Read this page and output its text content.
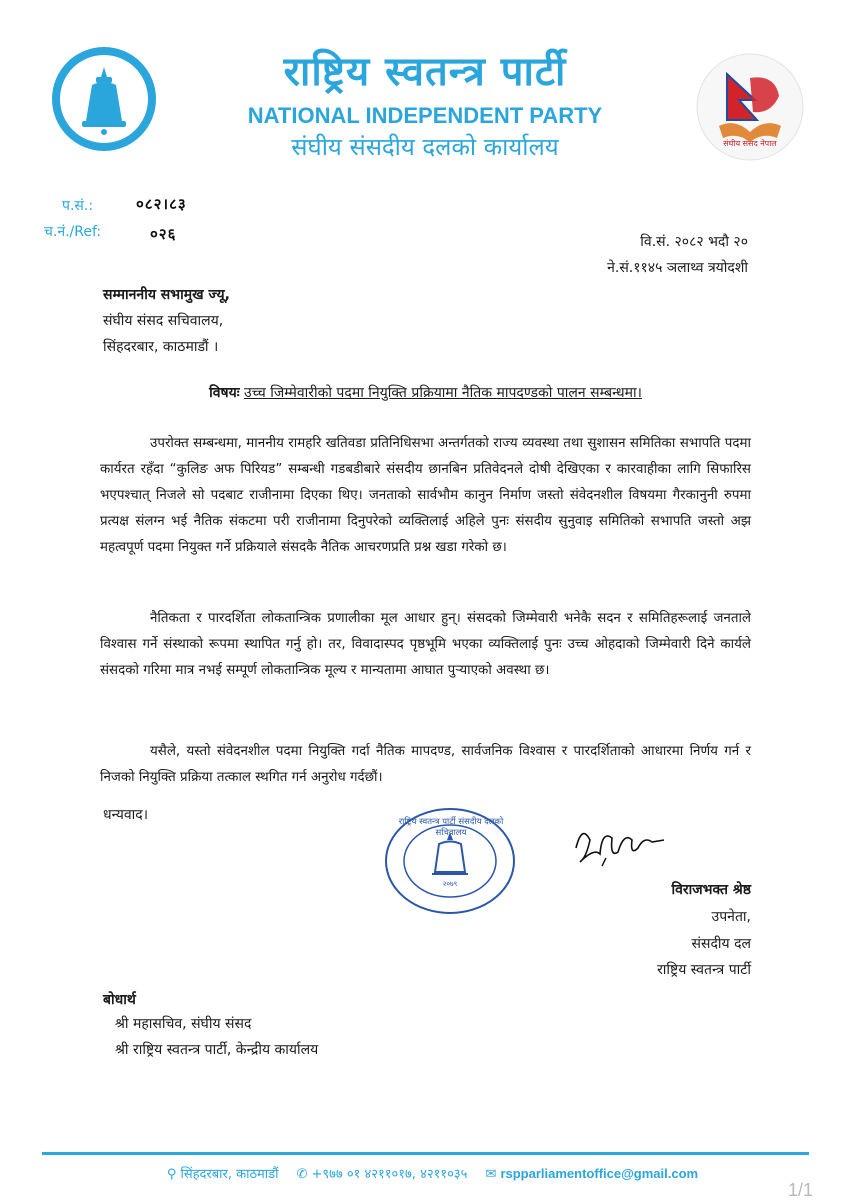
राष्ट्रिय स्वतन्त्र पार्टी
NATIONAL INDEPENDENT PARTY
संघीय संसदीय दलको कार्यालय	संघीय संसद नेपाल
प.सं.:	०८२।८३
च.नं./Ref:	०२६	वि.सं. २०८२ भदौ २०
ने.सं.११४५ ञलाथ्व त्रयोदशी
सम्माननीय सभामुख ज्यू,
संघीय संसद सचिवालय,
सिंहदरबार, काठमाडौं ।
विषयः उच्च जिम्मेवारीको पदमा नियुक्ति प्रक्रियामा नैतिक मापदण्डको पालन सम्बन्धमा।

उपरोक्त सम्बन्धमा, माननीय रामहरि खतिवडा प्रतिनिधिसभा अन्तर्गतको राज्य व्यवस्था तथा सुशासन समितिका सभापति पदमा कार्यरत रहँदा “कुलिङ अफ पिरियड” सम्बन्धी गडबडीबारे संसदीय छानबिन प्रतिवेदनले दोषी देखिएका र कारवाहीका लागि सिफारिस भएपश्चात् निजले सो पदबाट राजीनामा दिएका थिए। जनताको सार्वभौम कानुन निर्माण जस्तो संवेदनशील विषयमा गैरकानुनी रुपमा प्रत्यक्ष संलग्न भई नैतिक संकटमा परी राजीनामा दिनुपरेको व्यक्तिलाई अहिले पुनः संसदीय सुनुवाइ समितिको सभापति जस्तो अझ महत्वपूर्ण पदमा नियुक्त गर्ने प्रक्रियाले संसदकै नैतिक आचरणप्रति प्रश्न खडा गरेको छ।

नैतिकता र पारदर्शिता लोकतान्त्रिक प्रणालीका मूल आधार हुन्। संसदको जिम्मेवारी भनेकै सदन र समितिहरूलाई जनताले विश्वास गर्ने संस्थाको रूपमा स्थापित गर्नु हो। तर, विवादास्पद पृष्ठभूमि भएका व्यक्तिलाई पुनः उच्च ओहदाको जिम्मेवारी दिने कार्यले संसदको गरिमा मात्र नभई सम्पूर्ण लोकतान्त्रिक मूल्य र मान्यतामा आघात पुर्‍याएको अवस्था छ।

यसैले, यस्तो संवेदनशील पदमा नियुक्ति गर्दा नैतिक मापदण्ड, सार्वजनिक विश्वास र पारदर्शिताको आधारमा निर्णय गर्न र निजको नियुक्ति प्रक्रिया तत्काल स्थगित गर्न अनुरोध गर्दछौं।

धन्यवाद।	राष्ट्रिय स्वतन्त्र पार्टी संसदीय दलको सचिवालय
२०७९	विराजभक्त श्रेष्ठ
उपनेता,
संसदीय दल
राष्ट्रिय स्वतन्त्र पार्टी
बोधार्थ
श्री महासचिव, संघीय संसद
श्री राष्ट्रिय स्वतन्त्र पार्टी, केन्द्रीय कार्यालय
⚲ सिंहदरबार, काठमाडौं ✆ +९७७ ०१ ४२११०१७, ४२११०३५ ✉ rspparliamentoffice@gmail.com
1/1
